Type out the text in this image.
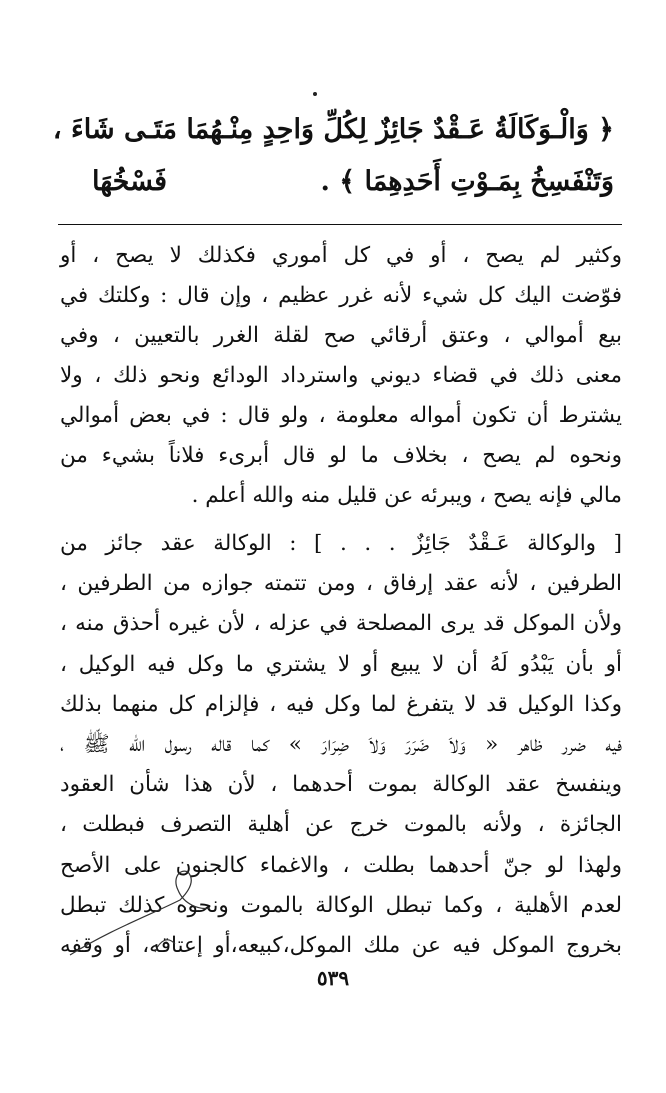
﴿ وَالْـوَكَالَةُ عَـقْدٌ جَائِزٌ لِكُلِّ وَاحِدٍ مِنْـهُمَا مَتَـى شَاءَ ،
وَتَنْفَسِخُ بِمَـوْتِ أَحَدِهِمَا ﴾ .
فَسْخُهَا
وكثير لم يصح ، أو في كل أموري فكذلك لا يصح ، أو
فوّضت اليك كل شيء لأنه غرر عظيم ، وإن قال : وكلتك في
بيع أموالي ، وعتق أرقائي صح لقلة الغرر بالتعيين ، وفي
معنى ذلك في قضاء ديوني واسترداد الودائع ونحو ذلك ، ولا
يشترط أن تكون أمواله معلومة ، ولو قال : في بعض أموالي
ونحوه لم يصح ، بخلاف ما لو قال أبرىء فلاناً بشيء من
مالي فإنه يصح ، ويبرئه عن قليل منه والله أعلم .
[ والوكالة عَـقْدٌ جَائِزٌ . . . ] : الوكالة عقد جائز من
الطرفين ، لأنه عقد إرفاق ، ومن تتمته جوازه من الطرفين ،
ولأن الموكل قد يرى المصلحة في عزله ، لأن غيره أحذق منه ،
أو بأن يَبْدُو لَهُ أن لا يبيع أو لا يشتري ما وكل فيه الوكيل ،
وكذا الوكيل قد لا يتفرغ لما وكل فيه ، فإلزام كل منهما بذلك
فيه ضرر ظاهر « وَلاَ ضَرَرَ وَلاَ ضِرَارَ » كما قاله رسول الله ﷺ ،
وينفسخ عقد الوكالة بموت أحدهما ، لأن هذا شأن العقود
الجائزة ، ولأنه بالموت خرج عن أهلية التصرف فبطلت ،
ولهذا لو جنّ أحدهما بطلت ، والاغماء كالجنون على الأصح
لعدم الأهلية ، وكما تبطل الوكالة بالموت ونحوه كذلك تبطل
بخروج الموكل فيه عن ملك الموكل،كبيعه،أو إعتاقه، أو وقفه
٥٣٩
